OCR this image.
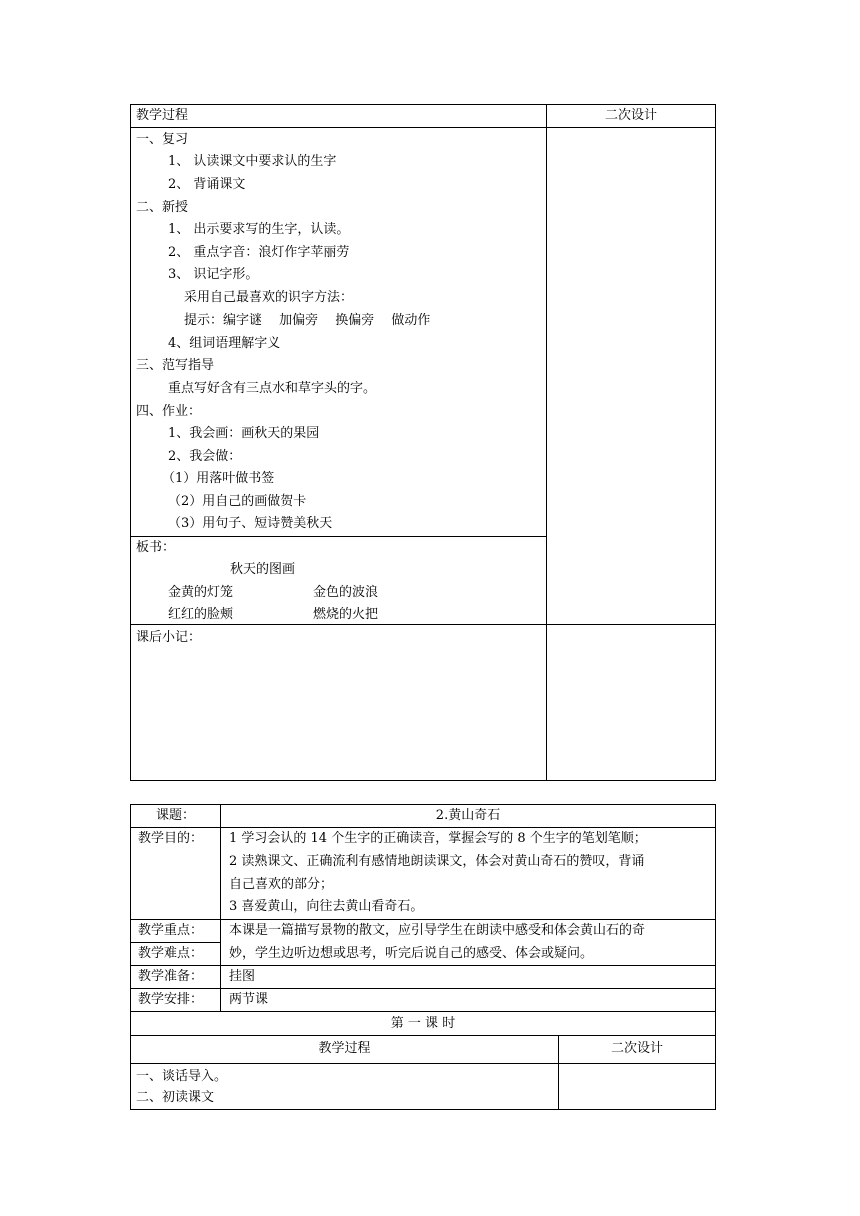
教学过程	二次设计
一、复习
1、 认读课文中要求认的生字
2、 背诵课文
二、新授
1、 出示要求写的生字，认读。
2、 重点字音：浪灯作字苹丽劳
3、 识记字形。
采用自己最喜欢的识字方法：
提示：编字谜　 加偏旁　 换偏旁　 做动作
4、组词语理解字义
三、范写指导
重点写好含有三点水和草字头的字。
四、作业：
1、我会画：画秋天的果园
2、我会做：
（1）用落叶做书签
（2）用自己的画做贺卡
（3）用句子、短诗赞美秋天
板书：
秋天的图画
金黄的灯笼	金色的波浪
红红的脸颊	燃烧的火把
课后小记：
课题：	2.黄山奇石
教学目的： 1 学习会认的 14 个生字的正确读音，掌握会写的 8 个生字的笔划笔顺；
2 读熟课文、正确流利有感情地朗读课文，体会对黄山奇石的赞叹，背诵
自己喜欢的部分；
3 喜爱黄山，向往去黄山看奇石。
教学重点：
教学难点：
本课是一篇描写景物的散文，应引导学生在朗读中感受和体会黄山石的奇
妙，学生边听边想或思考，听完后说自己的感受、体会或疑问。
教学准备： 挂图
教学安排： 两节课
第 一 课 时
教学过程	二次设计
一、谈话导入。
二、初读课文
